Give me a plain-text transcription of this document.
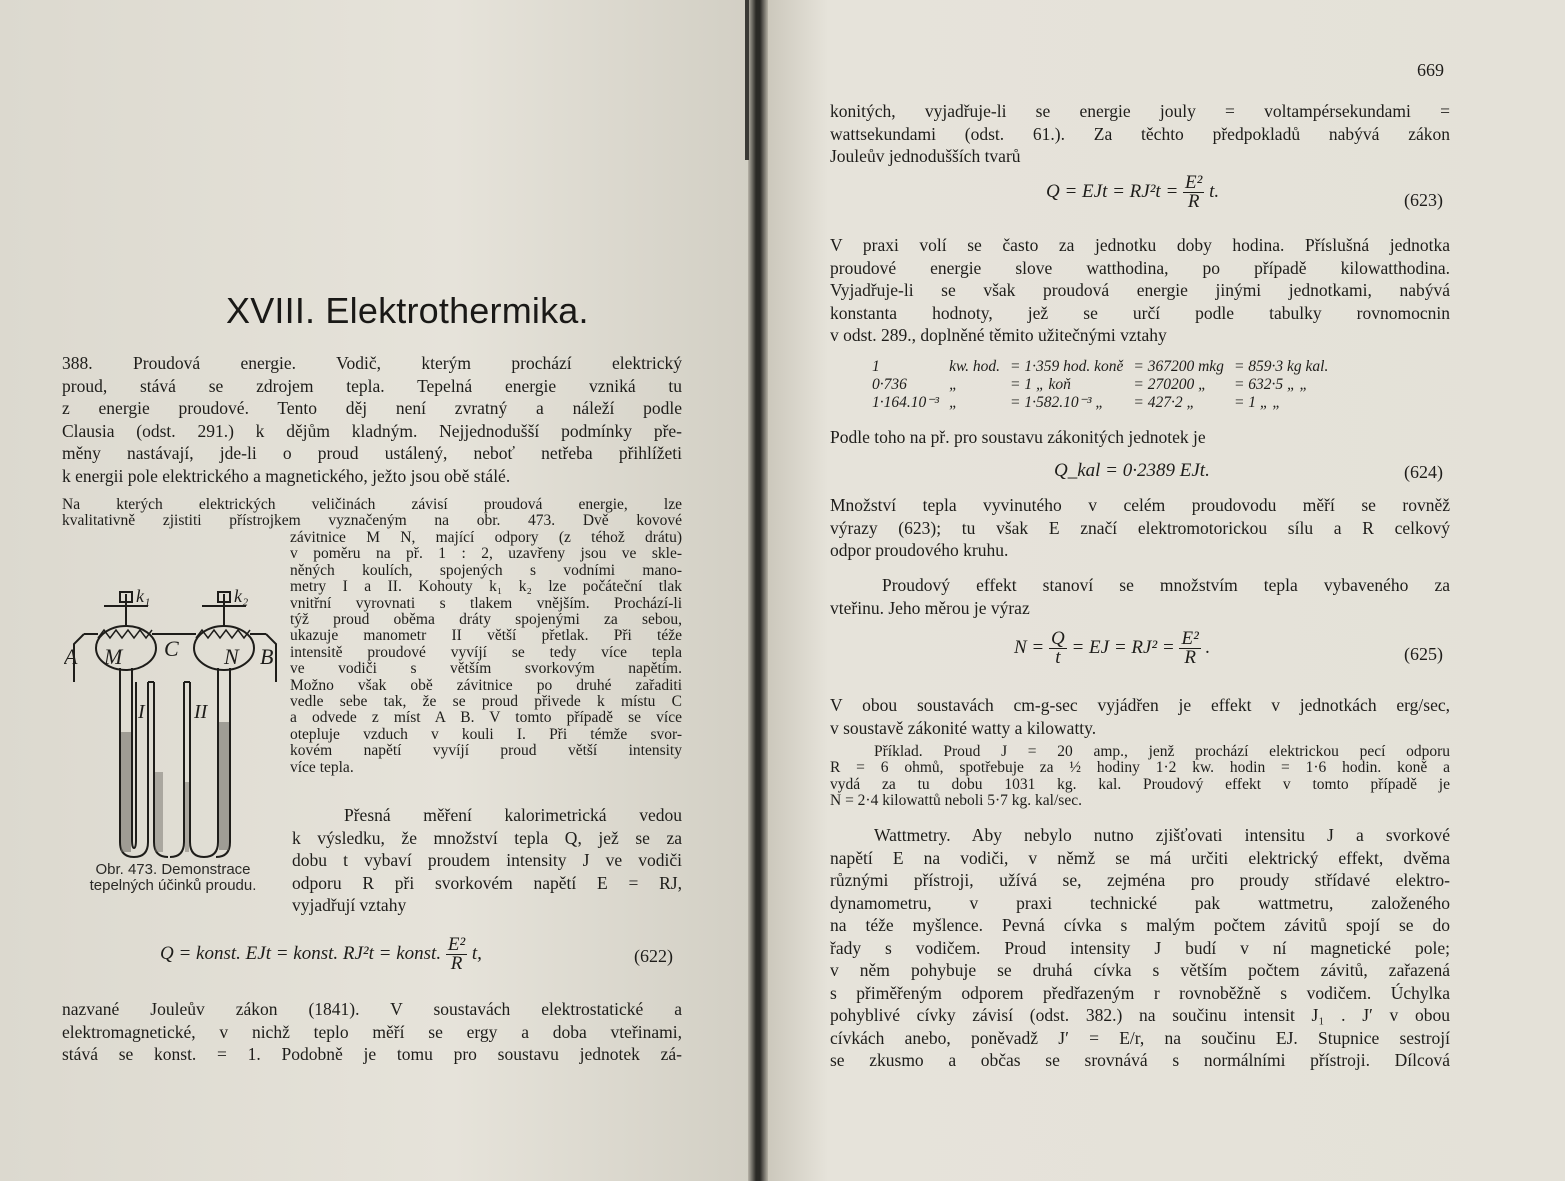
XVIII. Elektrothermika.

388. Proudová energie. Vodič, kterým prochází elektrický

proud, stává se zdrojem tepla. Tepelná energie vzniká tu

z energie proudové. Tento děj není zvratný a náleží podle

Clausia (odst. 291.) k dějům kladným. Nejjednodušší podmínky pře-

měny nastávají, jde-li o proud ustálený, neboť netřeba přihlížeti

k energii pole elektrického a magnetického, ježto jsou obě stálé.

Na kterých elektrických veličinách závisí proudová energie, lze

kvalitativně zjistiti přístrojkem vyznačeným na obr. 473. Dvě kovové

závitnice M N, mající odpory (z téhož drátu)

v poměru na př. 1 : 2, uzavřeny jsou ve skle-

něných koulích, spojených s vodními mano-

metry I a II. Kohouty k₁ k₂ lze počáteční tlak

vnitřní vyrovnati s tlakem vnějším. Prochází-li

týž proud oběma dráty spojenými za sebou,

ukazuje manometr II větší přetlak. Při téže

intensitě proudové vyvíjí se tedy více tepla

ve vodiči s větším svorkovým napětím.

Možno však obě závitnice po druhé zařaditi

vedle sebe tak, že se proud přivede k místu C

a odvede z míst A B. V tomto případě se více

otepluje vzduch v kouli I. Při témže svor-

kovém napětí vyvíjí proud větší intensity

více tepla.

k₁	k₂
A M C N B
I II
Obr. 473. Demonstrace
tepelných účinků proudu.

Přesná měření kalorimetrická vedou

k výsledku, že množství tepla Q, jež se za

dobu t vybaví proudem intensity J ve vodiči

odporu R při svorkovém napětí E = RJ,

vyjadřují vztahy

Q = konst. EJt = konst. RJ²t = konst. $\frac{\text{E²}}{R} t$,	(622)

nazvané Jouleův zákon (1841). V soustavách elektrostatické a

elektromagnetické, v nichž teplo měří se ergy a doba vteřinami,

stává se konst. = 1. Podobně je tomu pro soustavu jednotek zá-

669

konitých, vyjadřuje-li se energie jouly = voltampérsekundami =

wattsekundami (odst. 61.). Za těchto předpokladů nabývá zákon

Jouleův jednodušších tvarů

Q = EJt = $RJ^2t = \frac{\text{E²}}{R} t$.	(623)

V praxi volí se často za jednotku doby hodina. Příslušná jednotka

proudové energie slove watthodina, po případě kilowatthodina.

Vyjadřuje-li se však proudová energie jinými jednotkami, nabývá

konstanta hodnoty, jež se určí podle tabulky rovnomocnin

v odst. 289., doplněné těmito užitečnými vztahy

1	kw. hod.	= 1·359 hod. koně	= 367200 mkg	= 859·3 kg kal.
0·736	„	= 1 „ koň	= 270200 „	= 632·5 „ „
1·164.10⁻³	„	= 1·582.10⁻³ „	= 427·2 „	= 1 „ „

Podle toho na př. pro soustavu zákonitých jednotek je

Q_kal = 0·2389 EJt.	(624)

Množství tepla vyvinutého v celém proudovodu měří se rovněž

výrazy (623); tu však E značí elektromotorickou sílu a R celkový

odpor proudového kruhu.

Proudový effekt stanoví se množstvím tepla vybaveného za

vteřinu. Jeho měrou je výraz

$N = \frac{Q}{t}$ = EJ = $RJ^2 = \frac{\text{E²}}{R}$ .	(625)

V obou soustavách cm-g-sec vyjádřen je effekt v jednotkách erg/sec,

v soustavě zákonité watty a kilowatty.

Příklad. Proud J = 20 amp., jenž prochází elektrickou pecí odporu

R = 6 ohmů, spotřebuje za ½ hodiny 1·2 kw. hodin = 1·6 hodin. koně a

vydá za tu dobu 1031 kg. kal. Proudový effekt v tomto případě je

N = 2·4 kilowattů neboli 5·7 kg. kal/sec.

Wattmetry. Aby nebylo nutno zjišťovati intensitu J a svorkové

napětí E na vodiči, v němž se má určiti elektrický effekt, dvěma

různými přístroji, užívá se, zejména pro proudy střídavé elektro-

dynamometru, v praxi technické pak wattmetru, založeného

na téže myšlence. Pevná cívka s malým počtem závitů spojí se do

řady s vodičem. Proud intensity J budí v ní magnetické pole;

v něm pohybuje se druhá cívka s větším počtem závitů, zařazená

s přiměřeným odporem předřazeným r rovnoběžně s vodičem. Úchylka

pohyblivé cívky závisí (odst. 382.) na součinu intensit J₁ . J′ v obou

cívkách anebo, poněvadž J′ = E/r, na součinu EJ. Stupnice sestrojí

se zkusmo a občas se srovnává s normálními přístroji. Dílcová
